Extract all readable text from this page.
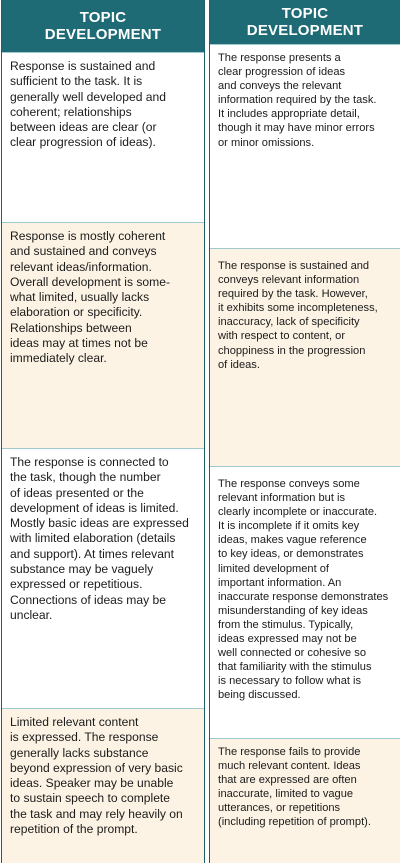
TOPIC
DEVELOPMENT
Response is sustained and
sufficient to the task. It is
generally well developed and
coherent; relationships
between ideas are clear (or
clear progression of ideas).
Response is mostly coherent
and sustained and conveys
relevant ideas/information.
Overall development is some-
what limited, usually lacks
elaboration or specificity.
Relationships between
ideas may at times not be
immediately clear.
The response is connected to
the task, though the number
of ideas presented or the
development of ideas is limited.
Mostly basic ideas are expressed
with limited elaboration (details
and support). At times relevant
substance may be vaguely
expressed or repetitious.
Connections of ideas may be
unclear.
Limited relevant content
is expressed. The response
generally lacks substance
beyond expression of very basic
ideas. Speaker may be unable
to sustain speech to complete
the task and may rely heavily on
repetition of the prompt.
TOPIC
DEVELOPMENT
The response presents a
clear progression of ideas
and conveys the relevant
information required by the task.
It includes appropriate detail,
though it may have minor errors
or minor omissions.
The response is sustained and
conveys relevant information
required by the task. However,
it exhibits some incompleteness,
inaccuracy, lack of specificity
with respect to content, or
choppiness in the progression
of ideas.
The response conveys some
relevant information but is
clearly incomplete or inaccurate.
It is incomplete if it omits key
ideas, makes vague reference
to key ideas, or demonstrates
limited development of
important information. An
inaccurate response demonstrates
misunderstanding of key ideas
from the stimulus. Typically,
ideas expressed may not be
well connected or cohesive so
that familiarity with the stimulus
is necessary to follow what is
being discussed.
The response fails to provide
much relevant content. Ideas
that are expressed are often
inaccurate, limited to vague
utterances, or repetitions
(including repetition of prompt).
